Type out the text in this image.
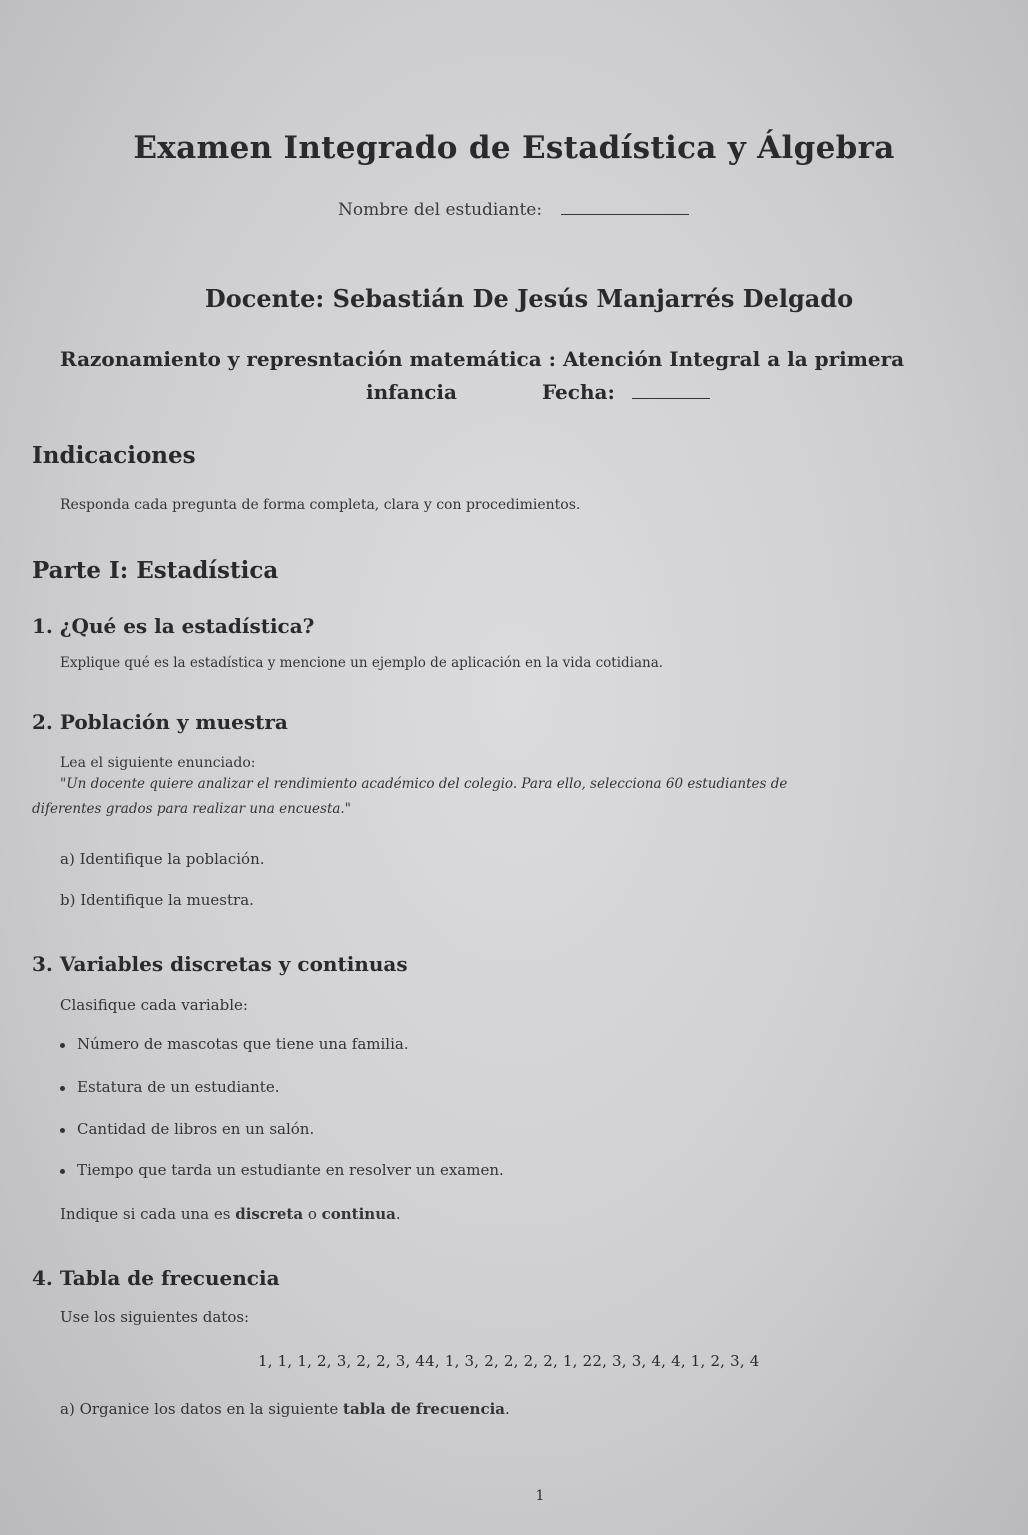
Examen Integrado de Estadística y Álgebra
Nombre del estudiante:
Docente: Sebastián De Jesús Manjarrés Delgado
Razonamiento y represntación matemática : Atención Integral a la primera
infancia	Fecha:
Indicaciones
Responda cada pregunta de forma completa, clara y con procedimientos.
Parte I: Estadística
1. ¿Qué es la estadística?
Explique qué es la estadística y mencione un ejemplo de aplicación en la vida cotidiana.
2. Población y muestra
Lea el siguiente enunciado:
"Un docente quiere analizar el rendimiento académico del colegio. Para ello, selecciona 60 estudiantes de
diferentes grados para realizar una encuesta."
a) Identifique la población.
b) Identifique la muestra.
3. Variables discretas y continuas
Clasifique cada variable:
Número de mascotas que tiene una familia.
Estatura de un estudiante.
Cantidad de libros en un salón.
Tiempo que tarda un estudiante en resolver un examen.
Indique si cada una es discreta o continua.
4. Tabla de frecuencia
Use los siguientes datos:
1, 1, 1, 2, 3, 2, 2, 3, 44, 1, 3, 2, 2, 2, 2, 1, 22, 3, 3, 4, 4, 1, 2, 3, 4
a) Organice los datos en la siguiente tabla de frecuencia.
1
